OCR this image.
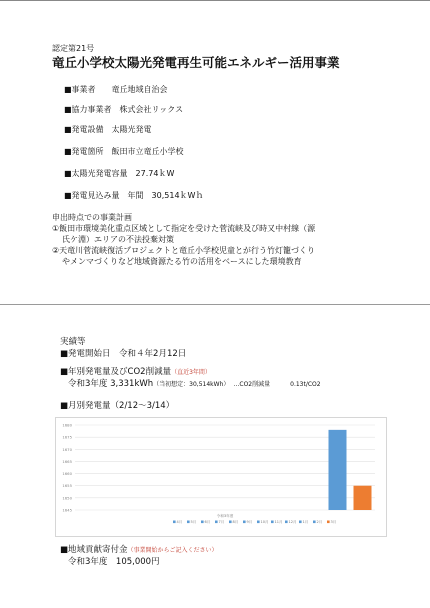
認定第21号
竜丘小学校太陽光発電再生可能エネルギー活用事業
■事業者　　竜丘地域自治会
■協力事業者　株式会社リックス
■発電設備　太陽光発電
■発電箇所　飯田市立竜丘小学校
■太陽光発電容量　27.74ｋW
■発電見込み量　年間　30,514ｋWｈ
申出時点での事業計画
①飯田市環境美化重点区域として指定を受けた菅流峡及び時又中村線（源
氏ケ淵）エリアの不法投棄対策
②天竜川菅流峡復活プロジェクトと竜丘小学校児童とが行う竹灯籠づくり
やメンマづくりなど地域資源たる竹の活用をベースにした環境教育
実績等
■発電開始日　令和４年2月12日
■年別発電量及びCO2削減量（直近3年間）
令和3年度 3,331kWh（当初想定：30,514kWh） …CO2削減量	0.13t/CO2
■月別発電量（2/12～3/14）
1645
1650
1655
1660
1665
1670
1675
1680
令和3年度
4月 5月 6月 7月 8月 9月 10月 11月 12月 1月 2月 3月
■地域貢献寄付金（事業開始からご記入ください）
令和3年度　105,000円
